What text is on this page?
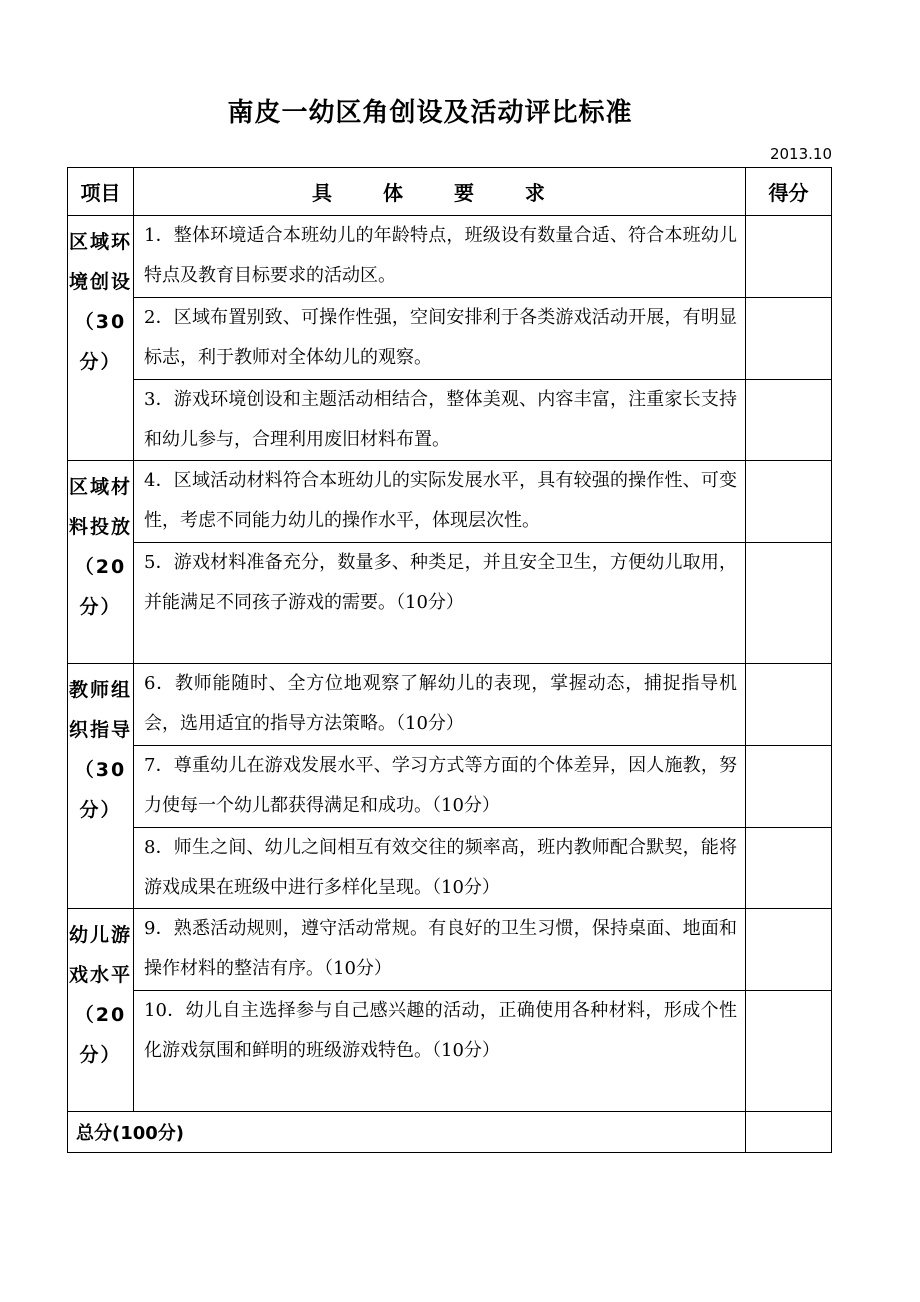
南皮一幼区角创设及活动评比标准
2013.10
项目	具 体 要 求	得分
区域环境创设（30分）	1．整体环境适合本班幼儿的年龄特点，班级设有数量合适、符合本班幼儿特点及教育目标要求的活动区。	
	2．区域布置别致、可操作性强，空间安排利于各类游戏活动开展，有明显标志，利于教师对全体幼儿的观察。	
	3．游戏环境创设和主题活动相结合，整体美观、内容丰富，注重家长支持和幼儿参与，合理利用废旧材料布置。	
区域材料投放（20分）	4．区域活动材料符合本班幼儿的实际发展水平，具有较强的操作性、可变性，考虑不同能力幼儿的操作水平，体现层次性。	
	5．游戏材料准备充分，数量多、种类足，并且安全卫生，方便幼儿取用，并能满足不同孩子游戏的需要。（10分）	
教师组织指导（30分）	6．教师能随时、全方位地观察了解幼儿的表现，掌握动态，捕捉指导机会，选用适宜的指导方法策略。（10分）	
	7．尊重幼儿在游戏发展水平、学习方式等方面的个体差异，因人施教，努力使每一个幼儿都获得满足和成功。（10分）	
	8．师生之间、幼儿之间相互有效交往的频率高，班内教师配合默契，能将游戏成果在班级中进行多样化呈现。（10分）	
幼儿游戏水平（20分）	9．熟悉活动规则，遵守活动常规。有良好的卫生习惯，保持桌面、地面和操作材料的整洁有序。（10分）	
	10．幼儿自主选择参与自己感兴趣的活动，正确使用各种材料，形成个性化游戏氛围和鲜明的班级游戏特色。（10分）	
总分(100分)		
